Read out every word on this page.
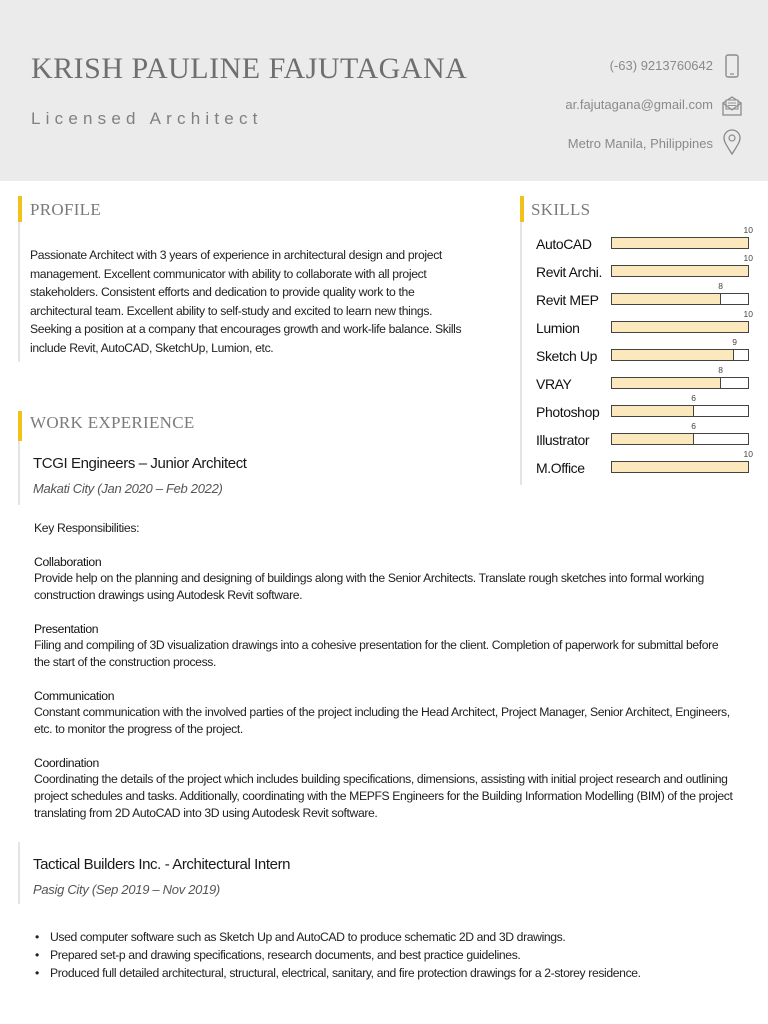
KRISH PAULINE FAJUTAGANA
Licensed Architect
(-63) 9213760642
ar.fajutagana@gmail.com
Metro Manila, Philippines
PROFILE
Passionate Architect with 3 years of experience in architectural design and project management. Excellent communicator with ability to collaborate with all project stakeholders. Consistent efforts and dedication to provide quality work to the architectural team. Excellent ability to self-study and excited to learn new things. Seeking a position at a company that encourages growth and work-life balance. Skills include Revit, AutoCAD, SketchUp, Lumion, etc.
WORK EXPERIENCE
TCGI Engineers – Junior Architect
Makati City (Jan 2020 – Feb 2022)
Key Responsibilities:
Collaboration
Provide help on the planning and designing of buildings along with the Senior Architects. Translate rough sketches into formal working construction drawings using Autodesk Revit software.
Presentation
Filing and compiling of 3D visualization drawings into a cohesive presentation for the client. Completion of paperwork for submittal before the start of the construction process.
Communication
Constant communication with the involved parties of the project including the Head Architect, Project Manager, Senior Architect, Engineers, etc. to monitor the progress of the project.
Coordination
Coordinating the details of the project which includes building specifications, dimensions, assisting with initial project research and outlining project schedules and tasks. Additionally, coordinating with the MEPFS Engineers for the Building Information Modelling (BIM) of the project translating from 2D AutoCAD into 3D using Autodesk Revit software.
Tactical Builders Inc. - Architectural Intern
Pasig City (Sep 2019 – Nov 2019)
• Used computer software such as Sketch Up and AutoCAD to produce schematic 2D and 3D drawings.
• Prepared set-p and drawing specifications, research documents, and best practice guidelines.
• Produced full detailed architectural, structural, electrical, sanitary, and fire protection drawings for a 2-storey residence.
SKILLS
AutoCAD
10
Revit Archi.
10
Revit MEP
8
Lumion
10
Sketch Up
9
VRAY
8
Photoshop
6
Illustrator
6
M.Office
10
